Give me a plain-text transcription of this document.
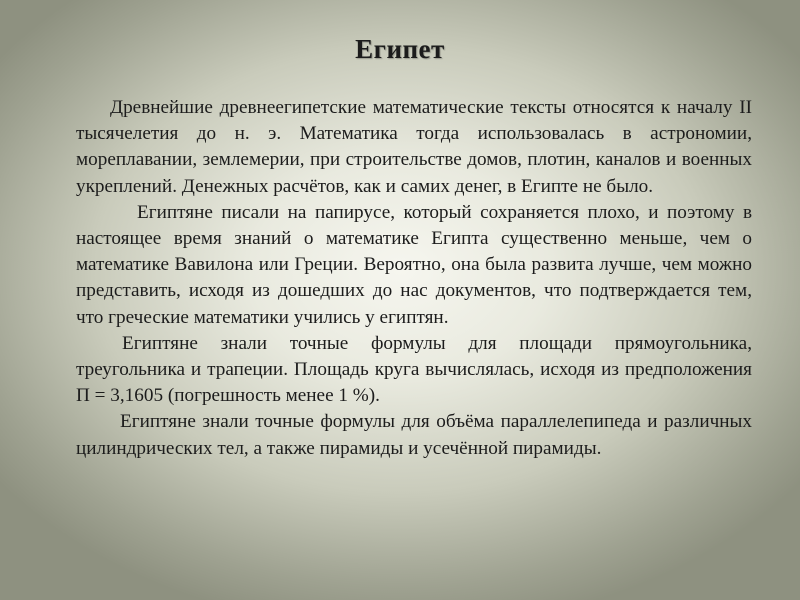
Египет

Древнейшие древнеегипетские математические тексты относятся к началу II тысячелетия до н. э. Математика тогда использовалась в астрономии, мореплавании, землемерии, при строительстве домов, плотин, каналов и военных укреплений. Денежных расчётов, как и самих денег, в Египте не было.

Египтяне писали на папирусе, который сохраняется плохо, и поэтому в настоящее время знаний о математике Египта существенно меньше, чем о математике Вавилона или Греции. Вероятно, она была развита лучше, чем можно представить, исходя из дошедших до нас документов, что подтверждается тем, что греческие математики учились у египтян.

Египтяне знали точные формулы для площади прямоугольника, треугольника и трапеции. Площадь круга вычислялась, исходя из предположения П = 3,1605 (погрешность менее 1 %).

Египтяне знали точные формулы для объёма параллелепипеда и различных цилиндрических тел, а также пирамиды и усечённой пирамиды.
